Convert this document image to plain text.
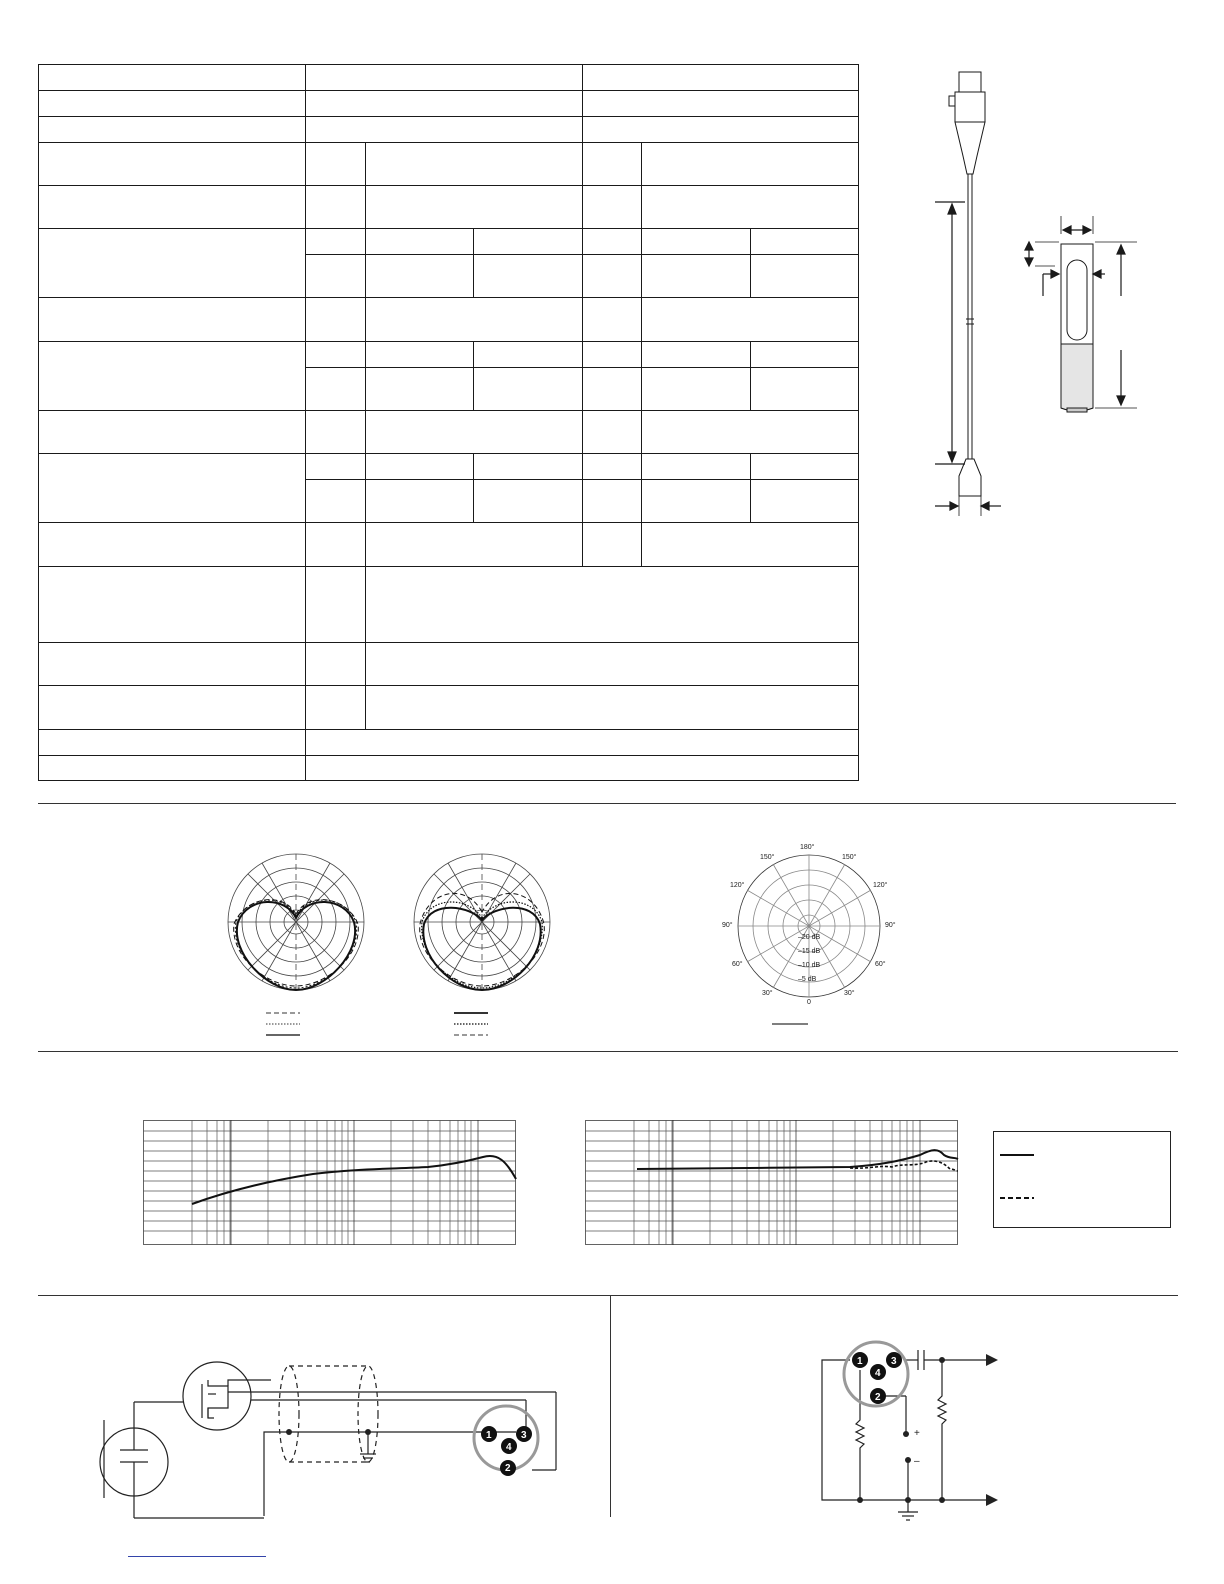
180°
150°	150°
120°	120°
90°	90°
60°	60°
30°	30°
0
–20 dB
–15 dB
–10 dB
–5 dB
1
2
3
4
+
–
1
2
3
4
